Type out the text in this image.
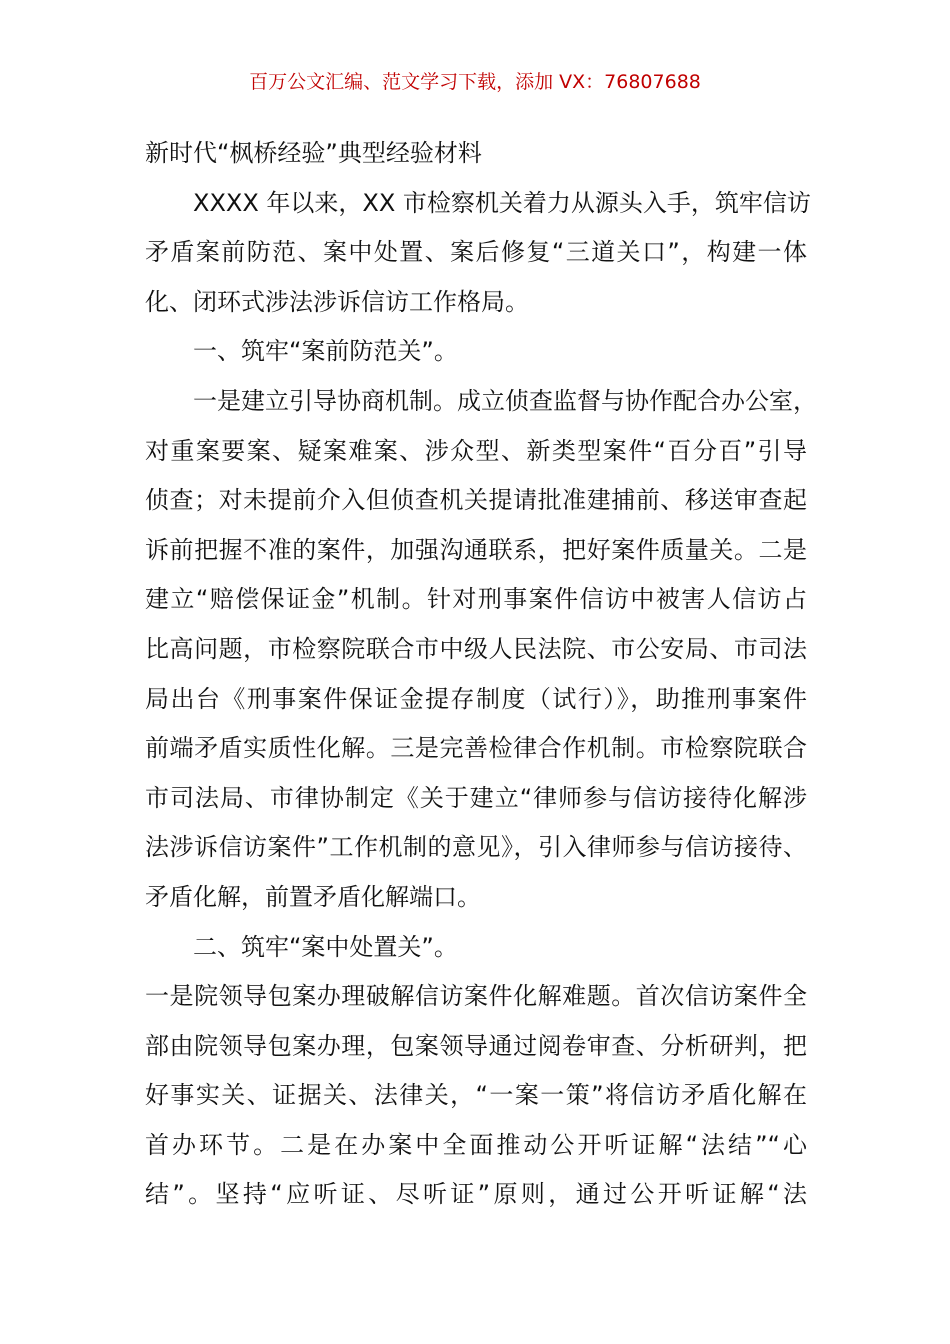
百万公文汇编、范文学习下载，添加 VX：76807688
新时代“枫桥经验”典型经验材料
XXXX 年以来，XX 市检察机关着力从源头入手，筑牢信访
矛盾案前防范、案中处置、案后修复“三道关口”，构建一体
化、闭环式涉法涉诉信访工作格局。
一、筑牢“案前防范关”。
一是建立引导协商机制。成立侦查监督与协作配合办公室，
对重案要案、疑案难案、涉众型、新类型案件“百分百”引导
侦查；对未提前介入但侦查机关提请批准建捕前、移送审查起
诉前把握不准的案件，加强沟通联系，把好案件质量关。二是
建立“赔偿保证金”机制。针对刑事案件信访中被害人信访占
比高问题，市检察院联合市中级人民法院、市公安局、市司法
局出台《刑事案件保证金提存制度（试行）》，助推刑事案件
前端矛盾实质性化解。三是完善检律合作机制。市检察院联合
市司法局、市律协制定《关于建立“律师参与信访接待化解涉
法涉诉信访案件”工作机制的意见》，引入律师参与信访接待、
矛盾化解，前置矛盾化解端口。
二、筑牢“案中处置关”。
一是院领导包案办理破解信访案件化解难题。首次信访案件全
部由院领导包案办理，包案领导通过阅卷审查、分析研判，把
好事实关、证据关、法律关，“一案一策”将信访矛盾化解在
首办环节。二是在办案中全面推动公开听证解“法结”“心
结”。坚持“应听证、尽听证”原则，通过公开听证解“法
